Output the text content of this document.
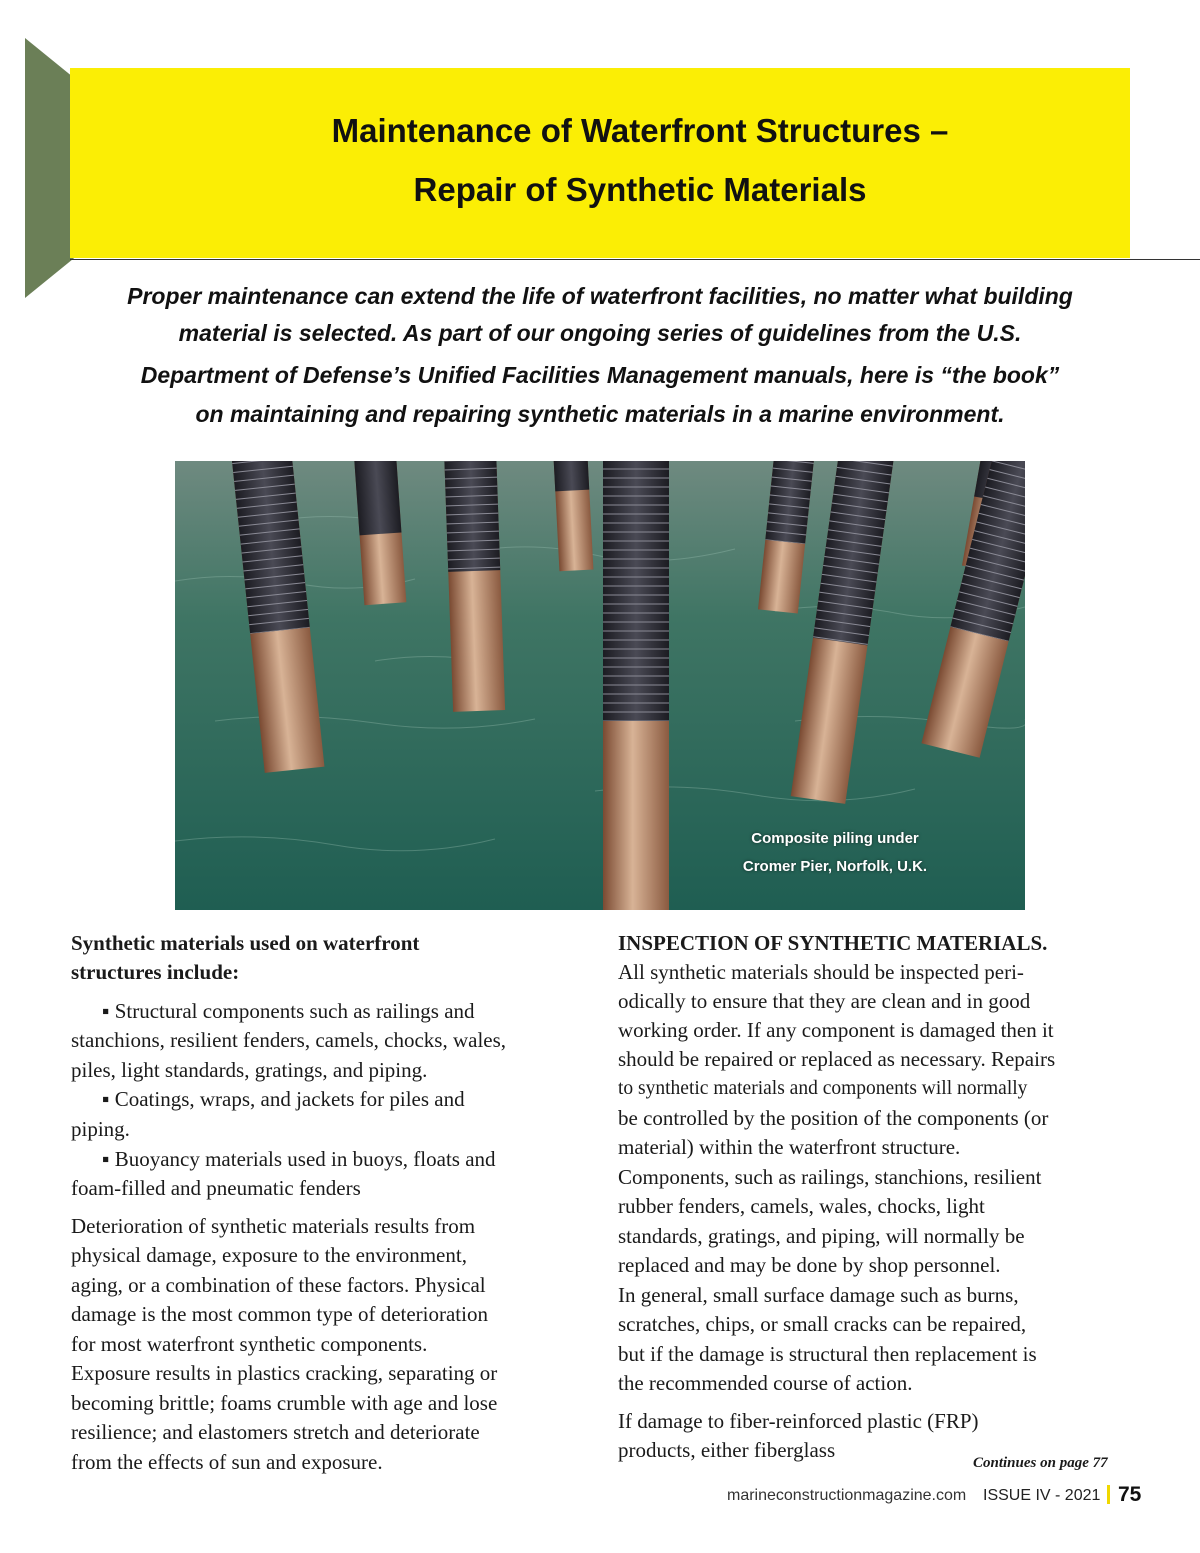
Maintenance of Waterfront Structures –
Repair of Synthetic Materials
Proper maintenance can extend the life of waterfront facilities, no matter what building
material is selected. As part of our ongoing series of guidelines from the U.S.
Department of Defense’s Unified Facilities Management manuals, here is “the book”
on maintaining and repairing synthetic materials in a marine environment.
Composite piling under
Cromer Pier, Norfolk, U.K.
Synthetic materials used on waterfront
structures include:
▪ Structural components such as railings and
stanchions, resilient fenders, camels, chocks, wales,
piles, light standards, gratings, and piping.
▪ Coatings, wraps, and jackets for piles and
piping.
▪ Buoyancy materials used in buoys, floats and
foam-filled and pneumatic fenders
Deterioration of synthetic materials results from
physical damage, exposure to the environment,
aging, or a combination of these factors. Physical
damage is the most common type of deterioration
for most waterfront synthetic components.
Exposure results in plastics cracking, separating or
becoming brittle; foams crumble with age and lose
resilience; and elastomers stretch and deteriorate
from the effects of sun and exposure.
INSPECTION OF SYNTHETIC MATERIALS.
All synthetic materials should be inspected peri-
odically to ensure that they are clean and in good
working order. If any component is damaged then it
should be repaired or replaced as necessary. Repairs
to synthetic materials and components will normally
be controlled by the position of the components (or
material) within the waterfront structure.
Components, such as railings, stanchions, resilient
rubber fenders, camels, wales, chocks, light
standards, gratings, and piping, will normally be
replaced and may be done by shop personnel.
In general, small surface damage such as burns,
scratches, chips, or small cracks can be repaired,
but if the damage is structural then replacement is
the recommended course of action.
If damage to fiber-reinforced plastic (FRP)
products, either fiberglass
Continues on page 77
marineconstructionmagazine.com ISSUE IV - 2021 75
